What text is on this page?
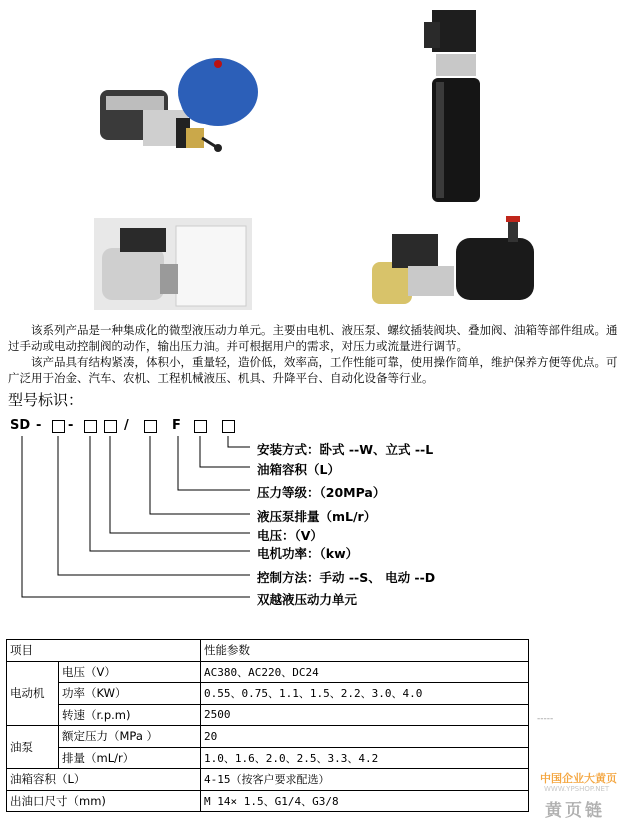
该系列产品是一种集成化的微型液压动力单元。主要由电机、液压泵、螺纹插装阀块、叠加阀、油箱等部件组成。通过手动或电动控制阀的动作，输出压力油。并可根据用户的需求，对压力或流量进行调节。

该产品具有结构紧凑，体积小，重量轻，造价低，效率高，工作性能可靠，使用操作简单，维护保养方便等优点。可广泛用于冶金、汽车、农机、工程机械液压、机具、升降平台、自动化设备等行业。

型号标识：
SD - -	/	F
安装方式：卧式 --W、立式 --L
油箱容积（L）
压力等级：（20MPa）
液压泵排量（mL/r）
电压：（V）
电机功率：（kw）
控制方法：手动 --S、 电动 --D
双越液压动力单元
项目		性能参数
电动机	电压（V）	AC380、AC220、DC24
	功率（KW）	0.55、0.75、1.1、1.5、2.2、3.0、4.0
	转速（r.p.m)	2500
油泵	额定压力（MPa ）	20
	排量（mL/r）	1.0、1.6、2.0、2.5、3.3、4.2
油箱容积（L）		4-15（按客户要求配选）
出油口尺寸（mm)		M 14× 1.5、G1/4、G3/8
-----
中国企业大黄页
WWW.YPSHOP.NET
黄页链
